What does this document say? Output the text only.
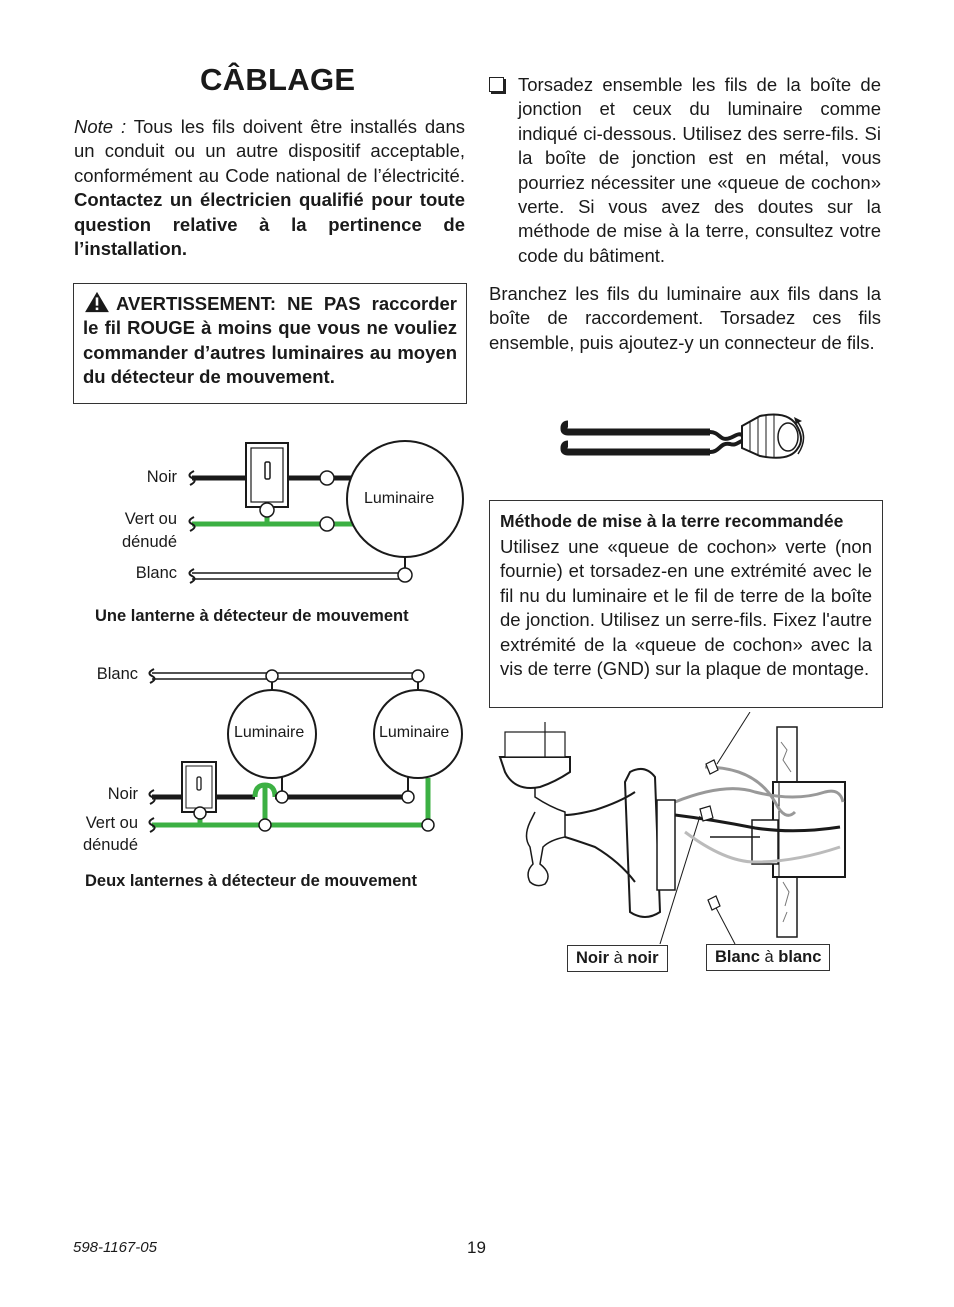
CÂBLAGE
Note : Tous les fils doivent être installés dans un conduit ou un autre dispositif acceptable, conformément au Code national de l’électricité. Contactez un électricien qualifié pour toute question relative à la pertinence de l’installation.
AVERTISSEMENT: NE PAS raccorder le fil ROUGE à moins que vous ne vouliez commander d’autres luminaires au moyen du détecteur de mouvement.
Torsadez ensemble les fils de la boîte de jonction et ceux du luminaire comme indiqué ci-dessous. Utilisez des serre-fils. Si la boîte de jonction est en métal, vous pourriez nécessiter une «queue de cochon» verte. Si vous avez des doutes sur la méthode de mise à la terre, consultez votre code du bâtiment.
Branchez les fils du luminaire aux fils dans la boîte de raccordement. Torsadez ces fils ensemble, puis ajoutez-y un connecteur de fils.
Noir
Vert ou
dénudé
Blanc
Luminaire
Une lanterne à détecteur de mouvement
Blanc
Noir
Vert ou
dénudé
Luminaire	Luminaire
Deux lanternes à détecteur de mouvement
Méthode de mise à la terre recommandée
Utilisez une «queue de cochon» verte (non fournie) et torsadez-en une extrémité avec le fil nu du luminaire et le fil de terre de la boîte de jonction. Utilisez un serre-fils. Fixez l'autre extrémité de la «queue de cochon» avec la vis de terre (GND) sur la plaque de montage.
Noir à noir	Blanc à blanc
598-1167-05	19
